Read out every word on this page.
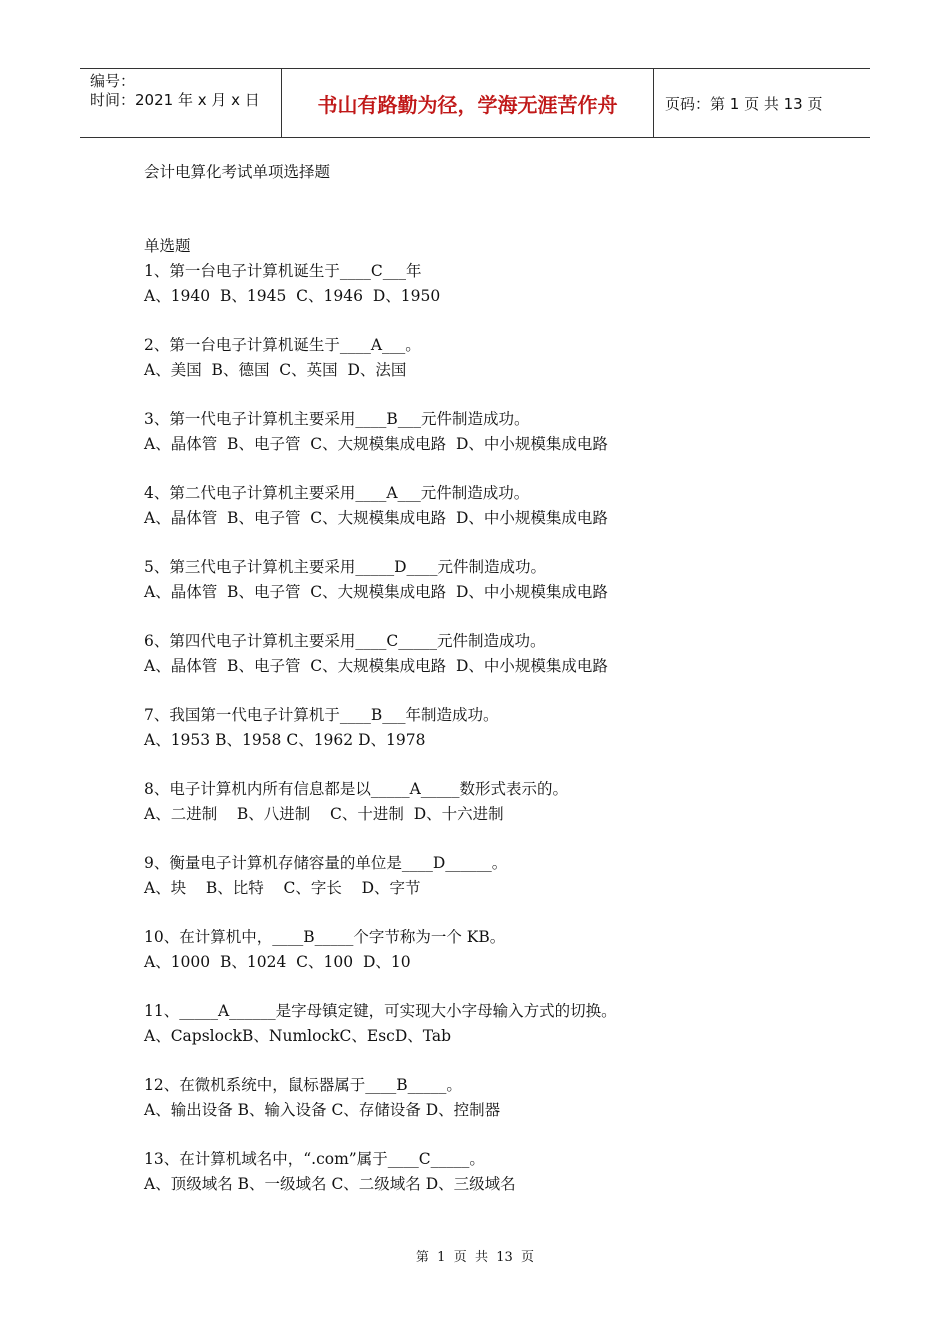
编号：
时间：2021 年 x 月 x 日	书山有路勤为径，学海无涯苦作舟	页码：第 1 页 共 13 页
会计电算化考试单项选择题
单选题
1、第一台电子计算机诞生于____C___年
A、1940  B、1945  C、1946  D、1950
2、第一台电子计算机诞生于____A___。
A、美国  B、德国  C、英国  D、法国
3、第一代电子计算机主要采用____B___元件制造成功。
A、晶体管  B、电子管  C、大规模集成电路  D、中小规模集成电路
4、第二代电子计算机主要采用____A___元件制造成功。
A、晶体管  B、电子管  C、大规模集成电路  D、中小规模集成电路
5、第三代电子计算机主要采用_____D____元件制造成功。
A、晶体管  B、电子管  C、大规模集成电路  D、中小规模集成电路
6、第四代电子计算机主要采用____C_____元件制造成功。
A、晶体管  B、电子管  C、大规模集成电路  D、中小规模集成电路
7、我国第一代电子计算机于____B___年制造成功。
A、1953 B、1958 C、1962 D、1978
8、电子计算机内所有信息都是以_____A_____数形式表示的。
A、二进制    B、八进制    C、十进制  D、十六进制
9、衡量电子计算机存储容量的单位是____D______。
A、块    B、比特    C、字长    D、字节
10、在计算机中，____B_____个字节称为一个 KB。
A、1000  B、1024  C、100  D、10
11、_____A______是字母镇定键，可实现大小字母输入方式的切换。
A、CapslockB、NumlockC、EscD、Tab
12、在微机系统中，鼠标器属于____B_____。
A、输出设备 B、输入设备 C、存储设备 D、控制器
13、在计算机域名中，“.com”属于____C_____。
A、顶级域名 B、一级域名 C、二级域名 D、三级域名
第  1  页  共  13  页
